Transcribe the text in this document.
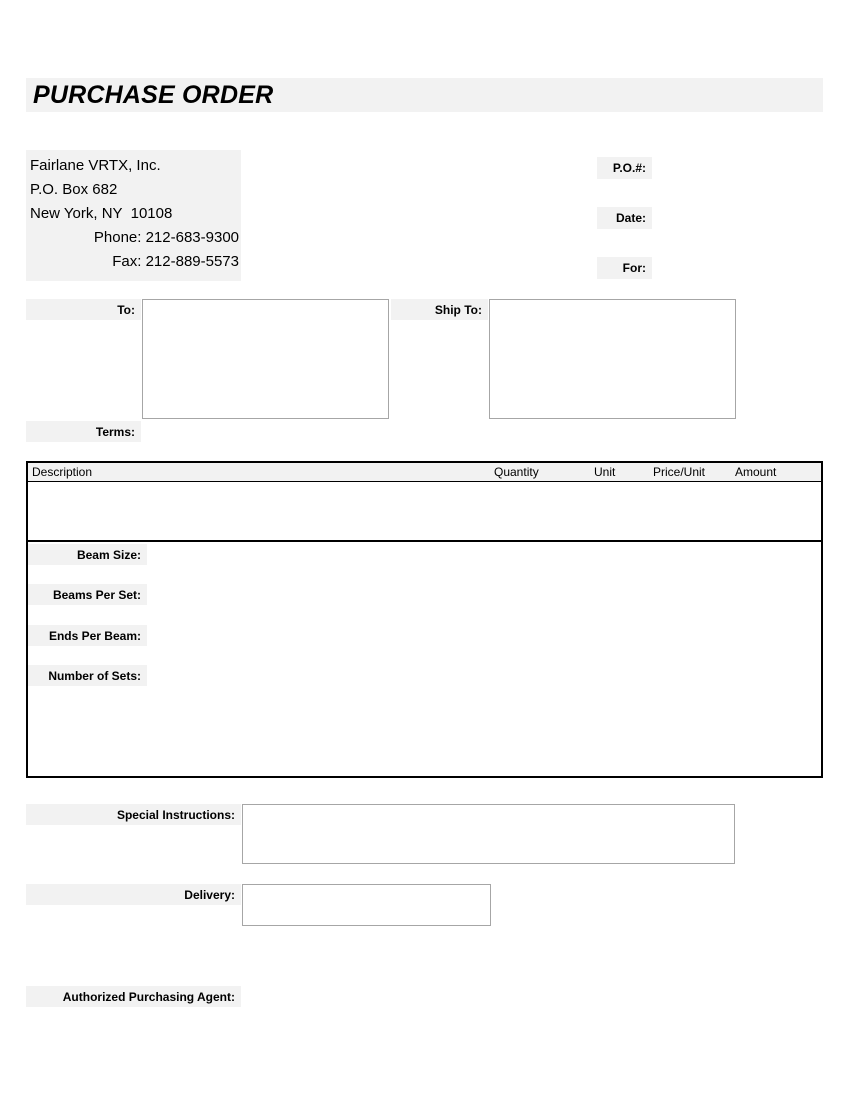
PURCHASE ORDER
Fairlane VRTX, Inc.
P.O. Box 682
New York, NY  10108
Phone: 212-683-9300
Fax: 212-889-5573
P.O.#:
Date:
For:
To:	Ship To:
Terms:
Description	Quantity	Unit	Price/Unit Amount
Beam Size:
Beams Per Set:
Ends Per Beam:
Number of Sets:
Special Instructions:
Delivery:
Authorized Purchasing Agent:
